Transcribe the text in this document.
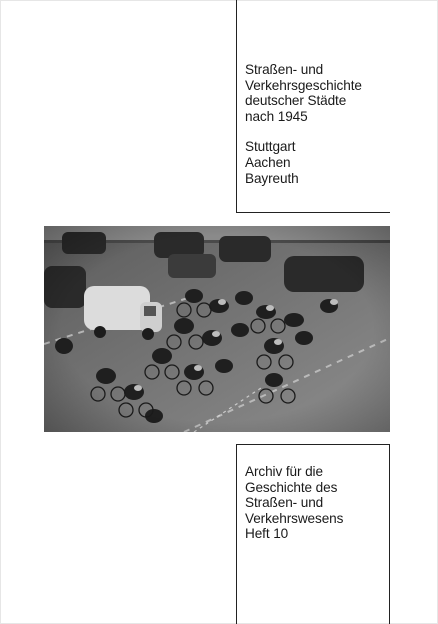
Straßen- und
Verkehrsgeschichte
deutscher Städte
nach 1945
Stuttgart
Aachen
Bayreuth
Archiv für die
Geschichte des
Straßen- und
Verkehrswesens
Heft 10
